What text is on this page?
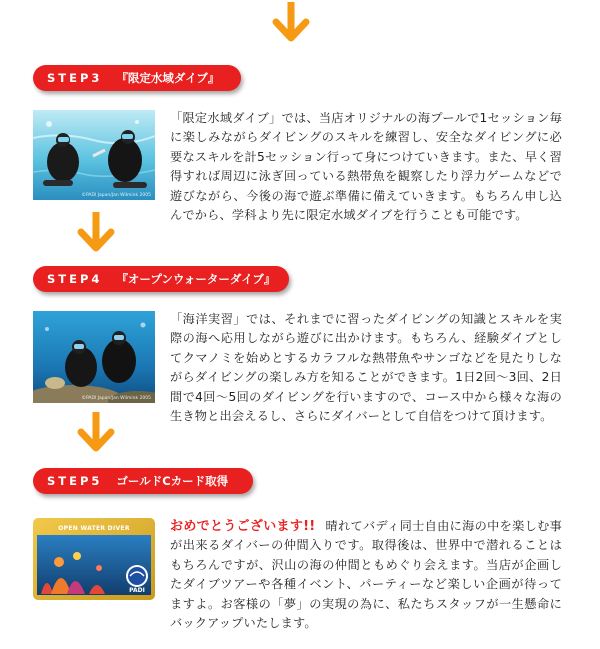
STEP3 『限定水域ダイブ』
©PADI Japan/Jan Wilmink 2005
「限定水域ダイブ」では、当店オリジナルの海プールで1セッション毎に楽しみながらダイビングのスキルを練習し、安全なダイビングに必要なスキルを計5セッション行って身につけていきます。また、早く習得すれば周辺に泳ぎ回っている熱帯魚を観察したり浮力ゲームなどで遊びながら、今後の海で遊ぶ準備に備えていきます。もちろん申し込んでから、学科より先に限定水域ダイブを行うことも可能です。
STEP4 『オープンウォーターダイブ』
©PADI Japan/Jan Wilmink 2005
「海洋実習」では、それまでに習ったダイビングの知識とスキルを実際の海へ応用しながら遊びに出かけます。もちろん、経験ダイブとしてクマノミを始めとするカラフルな熱帯魚やサンゴなどを見たりしながらダイビングの楽しみ方を知ることができます。1日2回〜3回、2日間で4回〜5回のダイビングを行いますので、コース中から様々な海の生き物と出会えるし、さらにダイバーとして自信をつけて頂けます。
STEP5 ゴールドCカード取得
PADI
OPEN WATER DIVER	おめでとうございます!! 晴れてバディ同士自由に海の中を楽しむ事が出来るダイバーの仲間入りです。取得後は、世界中で潜れることはもちろんですが、沢山の海の仲間ともめぐり会えます。当店が企画したダイブツアーや各種イベント、パーティーなど楽しい企画が待ってますよ。お客様の「夢」の実現の為に、私たちスタッフが一生懸命にバックアップいたします。
